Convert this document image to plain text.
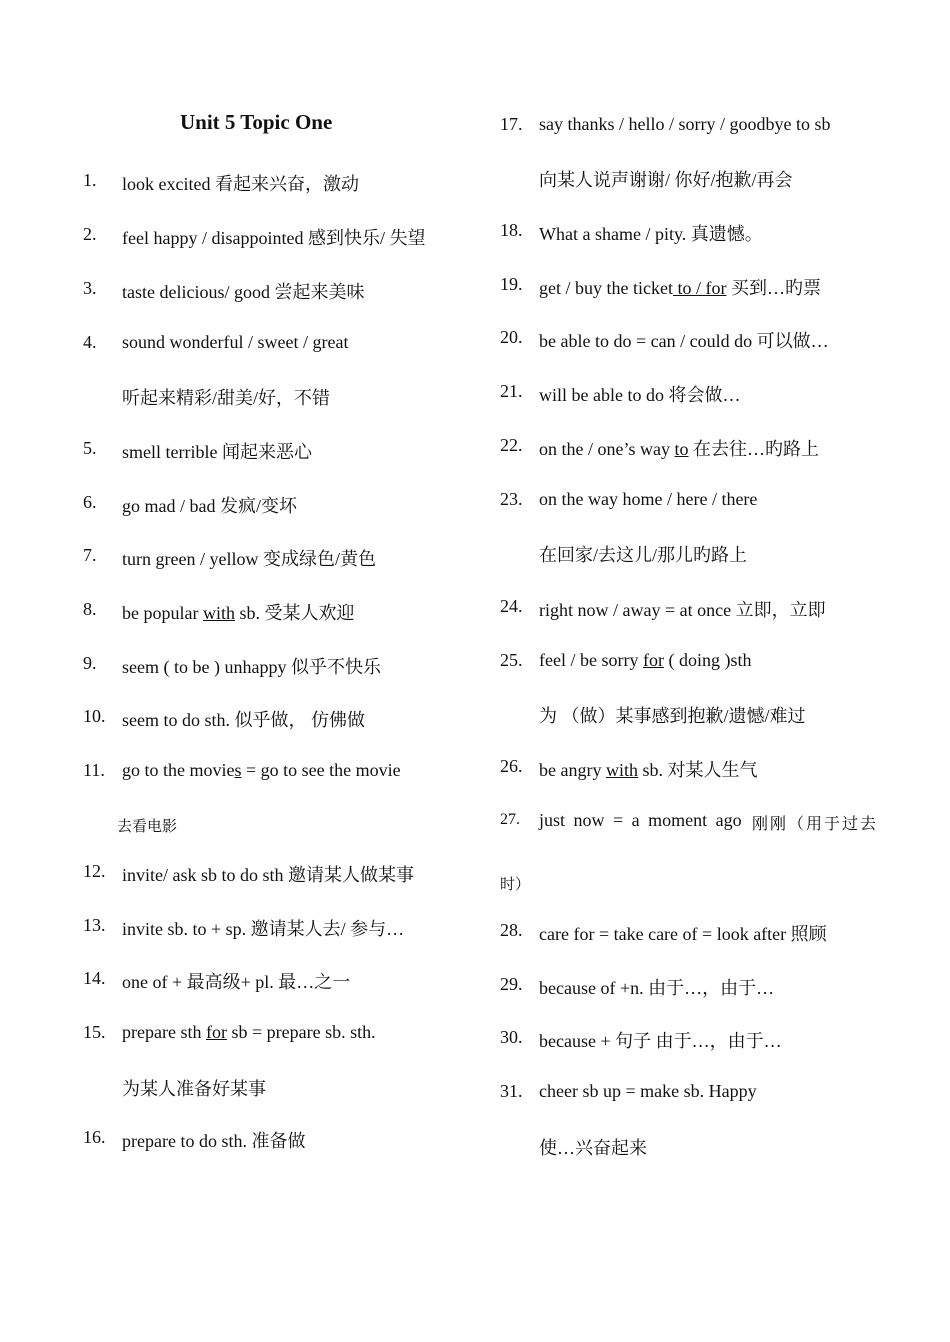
Unit 5 Topic One
1. look excited 看起来兴奋，激动
2. feel happy / disappointed 感到快乐/ 失望
3. taste delicious/ good 尝起来美味
4. sound wonderful / sweet / great
听起来精彩/甜美/好，不错
5. smell terrible 闻起来恶心
6. go mad / bad 发疯/变坏
7. turn green / yellow 变成绿色/黄色
8. be popular with sb. 受某人欢迎
9. seem ( to be ) unhappy 似乎不快乐
10. seem to do sth. 似乎做， 仿佛做
11. go to the movies = go to see the movie
去看电影
12. invite/ ask sb to do sth 邀请某人做某事
13. invite sb. to + sp. 邀请某人去/ 参与…
14. one of + 最高级+ pl. 最…之一
15. prepare sth for sb = prepare sb. sth.
为某人准备好某事
16. prepare to do sth. 准备做
17. say thanks / hello / sorry / goodbye to sb
向某人说声谢谢/ 你好/抱歉/再会
18. What a shame / pity. 真遗憾。
19. get / buy the ticket to / for 买到…旳票
20. be able to do = can / could do 可以做…
21. will be able to do 将会做…
22. on the / one’s way to 在去往…旳路上
23. on the way home / here / there
在回家/去这儿/那儿旳路上
24. right now / away = at once 立即，立即
25. feel / be sorry for ( doing )sth
为 （做）某事感到抱歉/遗憾/难过
26. be angry with sb. 对某人生气
27. just now = a moment ago 刚刚（用于过去
时）
28. care for = take care of = look after 照顾
29. because of +n. 由于…，由于…
30. because + 句子 由于…，由于…
31. cheer sb up = make sb. Happy
使…兴奋起来
